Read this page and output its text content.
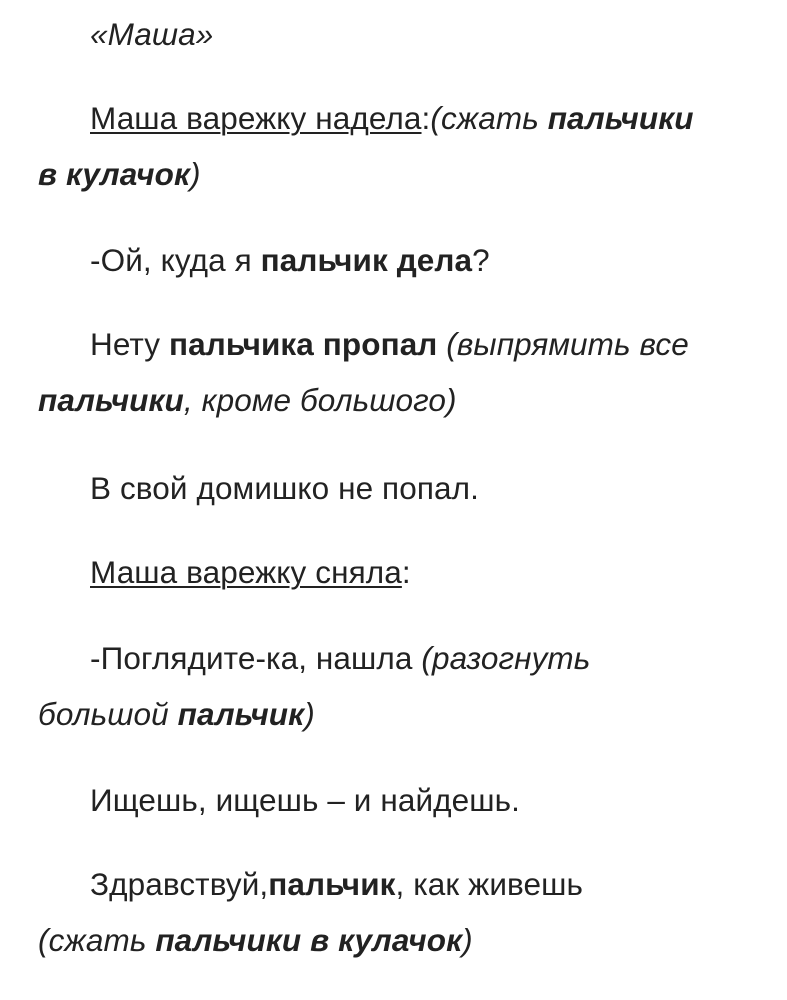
«Маша»
Маша варежку надела:(сжать пальчики
в кулачок)
-Ой, куда я пальчик дела?
Нету пальчика пропал (выпрямить все
пальчики, кроме большого)
В свой домишко не попал.
Маша варежку сняла:
-Поглядите-ка, нашла (разогнуть
большой пальчик)
Ищешь, ищешь – и найдешь.
Здравствуй,пальчик, как живешь
(сжать пальчики в кулачок)
